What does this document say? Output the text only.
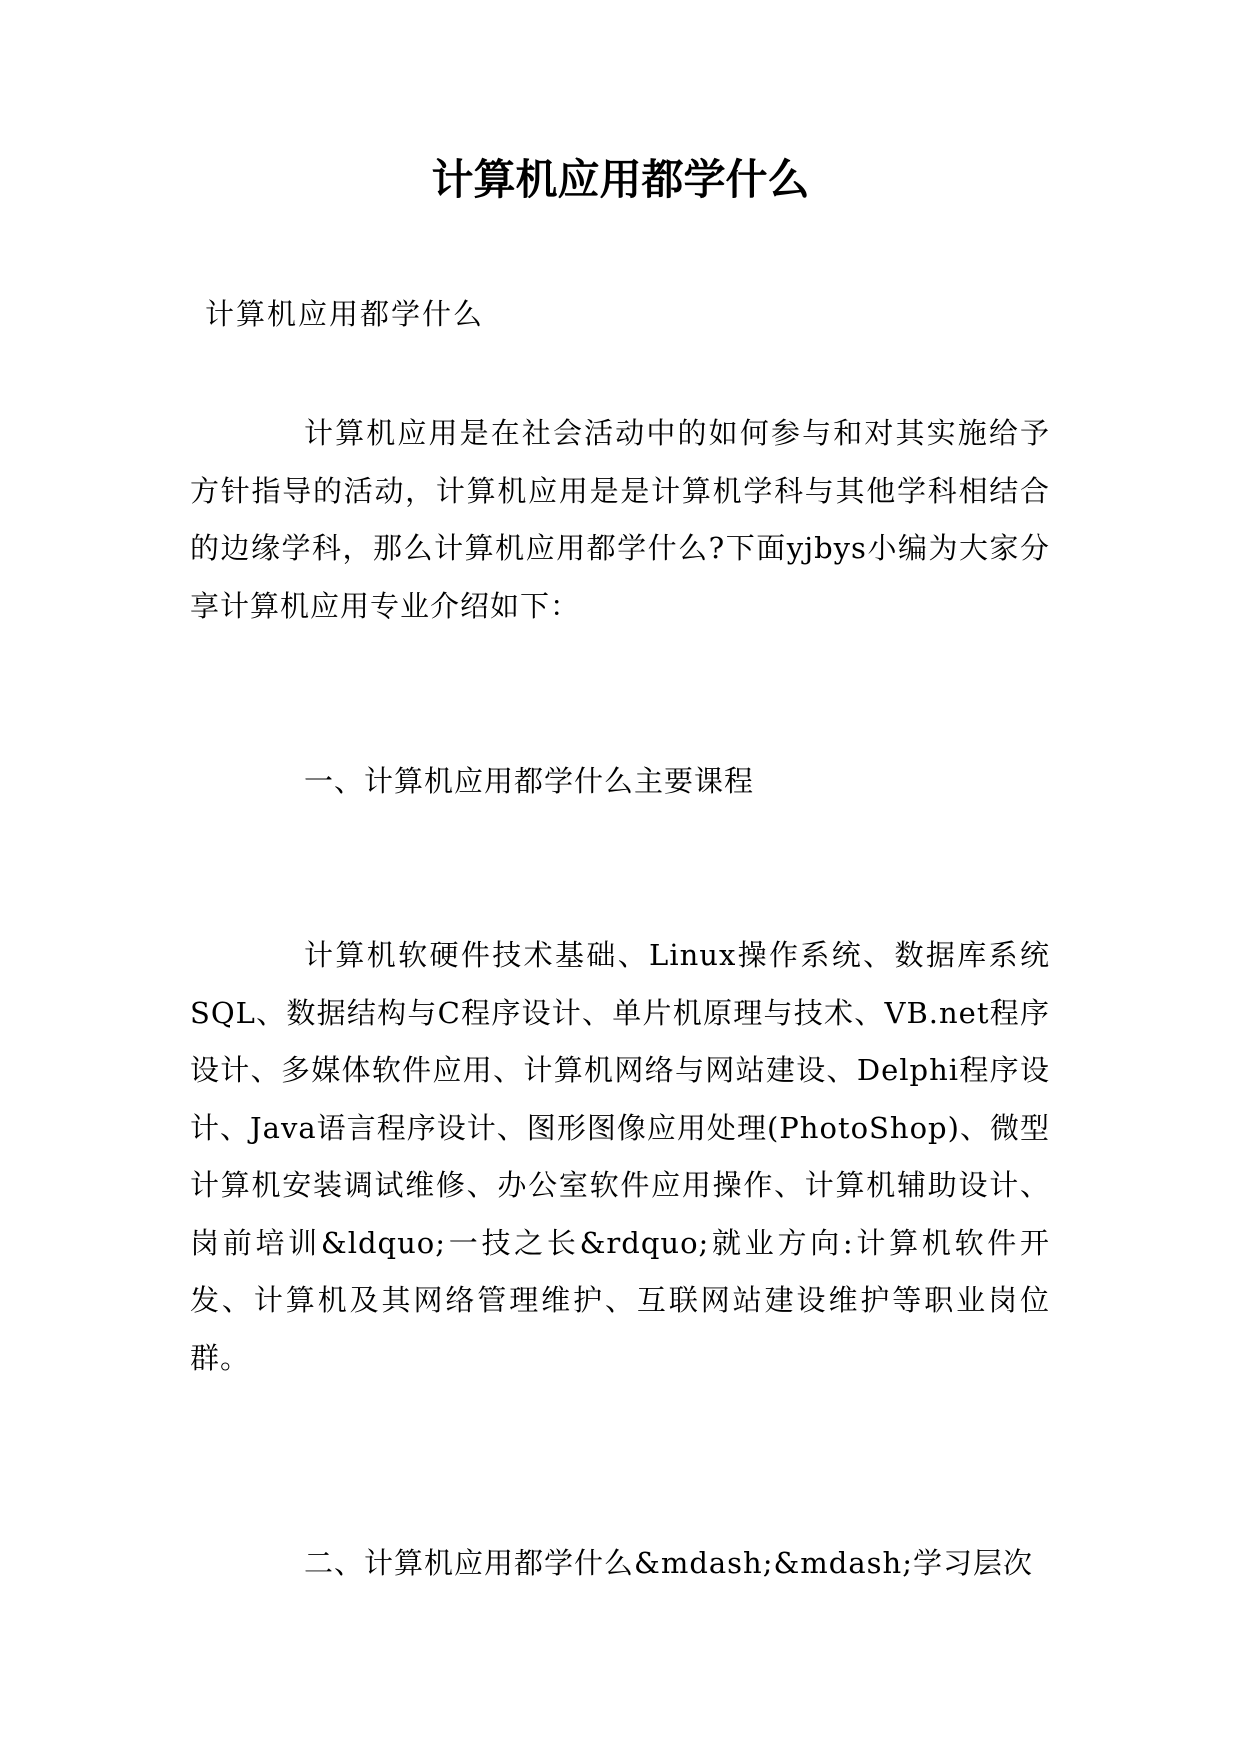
计算机应用都学什么

计算机应用都学什么

计算机应用是在社会活动中的如何参与和对其实施给予方针指导的活动，计算机应用是是计算机学科与其他学科相结合的边缘学科，那么计算机应用都学什么?下面yjbys小编为大家分享计算机应用专业介绍如下：

一、计算机应用都学什么主要课程

计算机软硬件技术基础、Linux操作系统、数据库系统SQL、数据结构与C程序设计、单片机原理与技术、VB.net程序设计、多媒体软件应用、计算机网络与网站建设、Delphi程序设计、Java语言程序设计、图形图像应用处理(PhotoShop)、微型计算机安装调试维修、办公室软件应用操作、计算机辅助设计、岗前培训&ldquo;一技之长&rdquo;就业方向:计算机软件开发、计算机及其网络管理维护、互联网站建设维护等职业岗位群。

二、计算机应用都学什么&mdash;&mdash;学习层次
